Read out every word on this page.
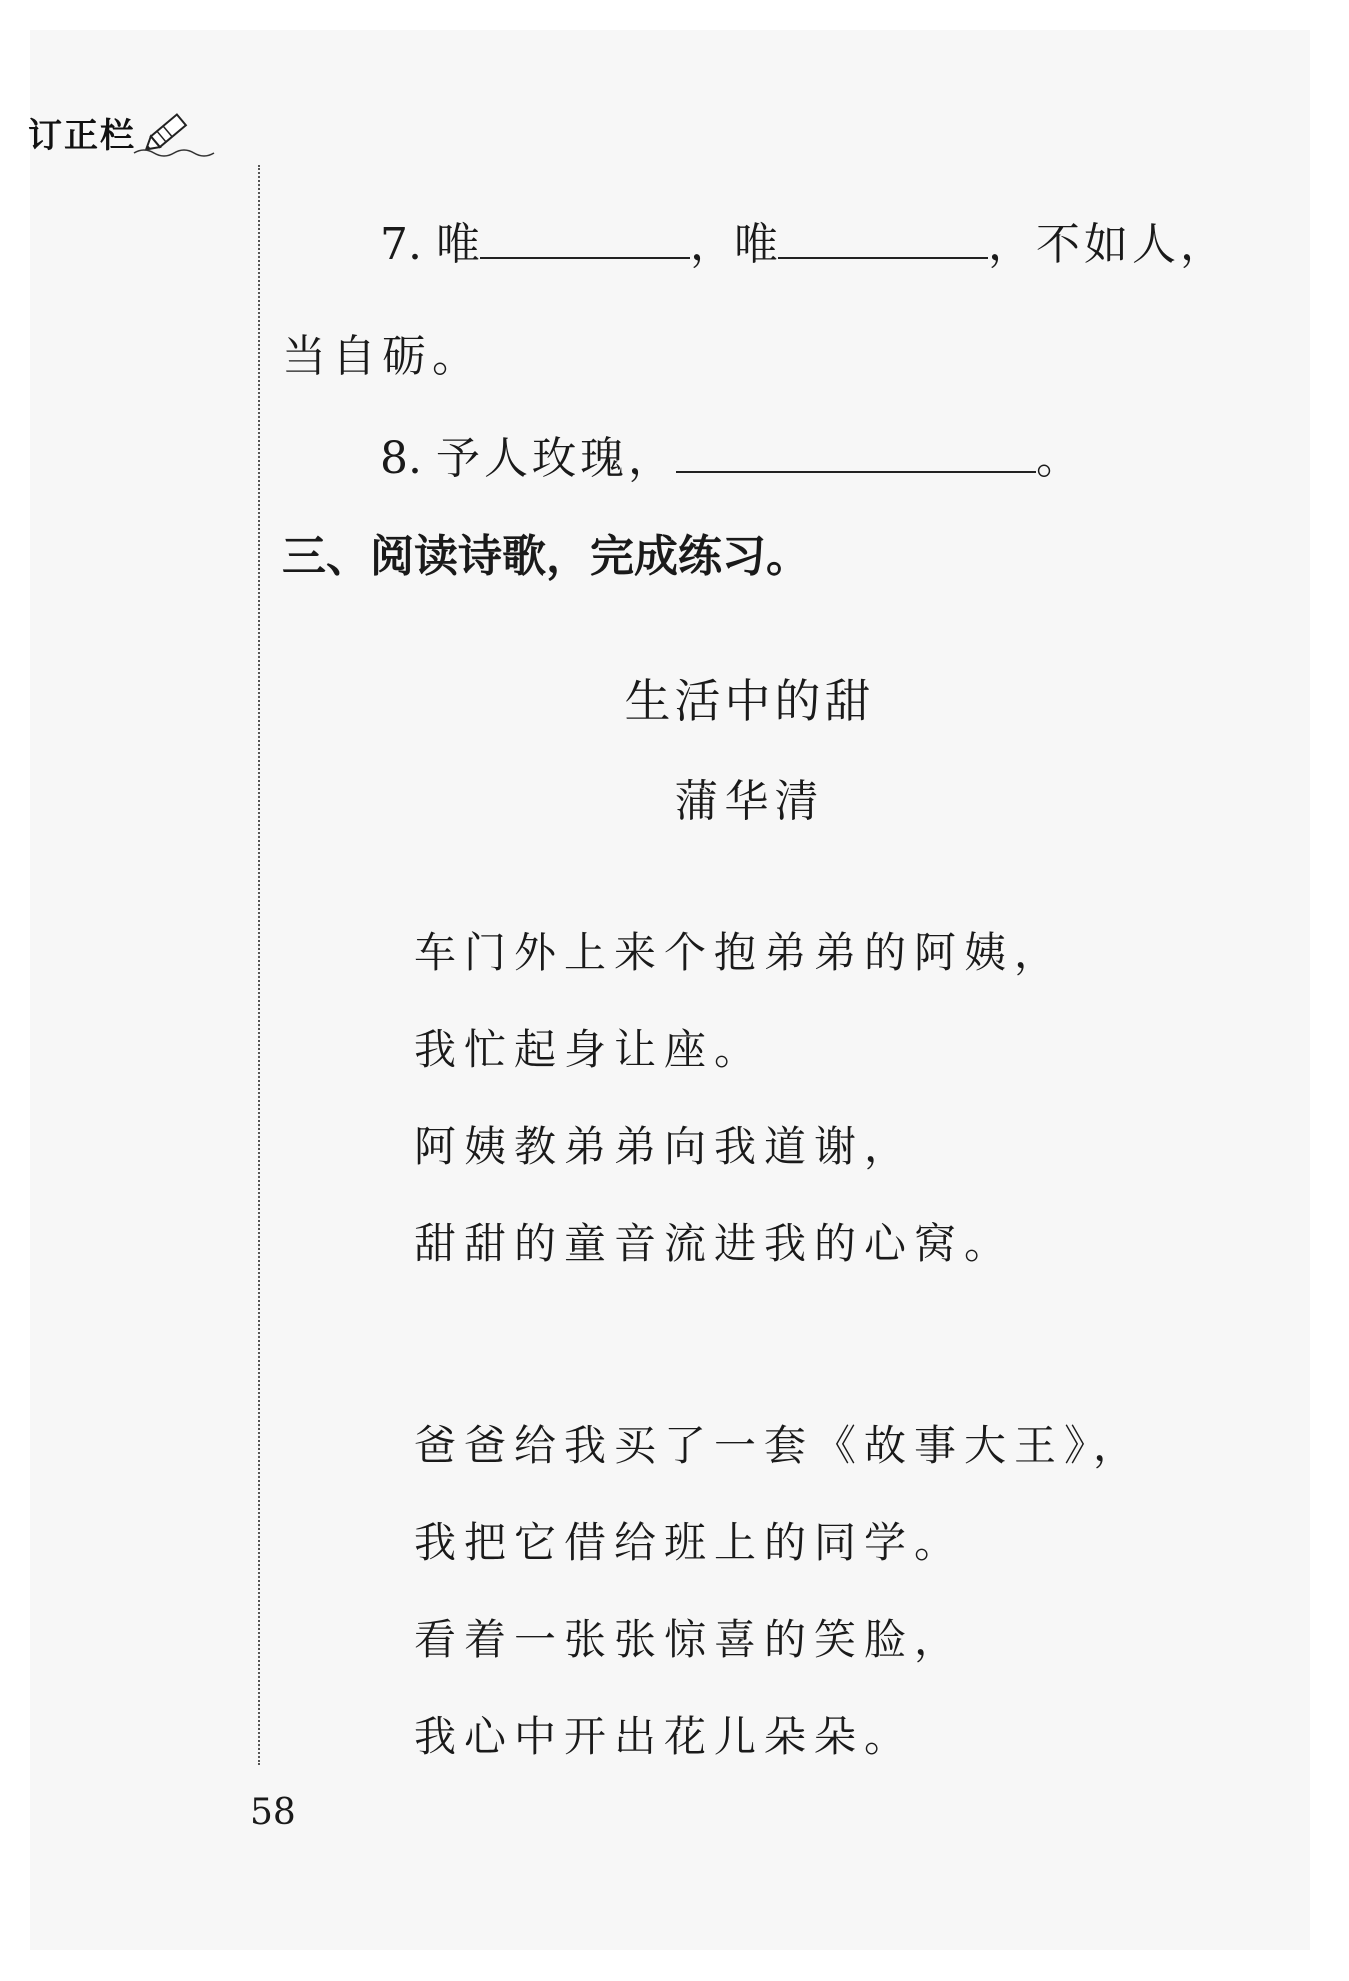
订正栏
7. 唯	，唯	，不如人，
当自砺。
8. 予人玫瑰，	。
三、阅读诗歌，完成练习。
生活中的甜
蒲华清
车门外上来个抱弟弟的阿姨，
我忙起身让座。
阿姨教弟弟向我道谢，
甜甜的童音流进我的心窝。
爸爸给我买了一套《故事大王》，
我把它借给班上的同学。
看着一张张惊喜的笑脸，
我心中开出花儿朵朵。
58
